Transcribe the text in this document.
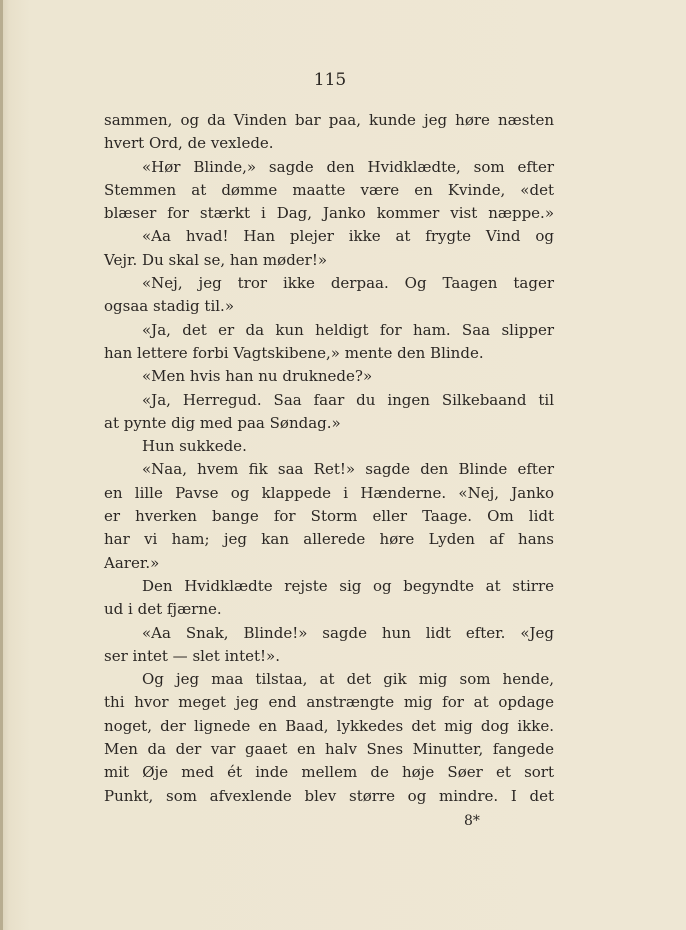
115
sammen, og da Vinden bar paa, kunde jeg høre næsten
hvert Ord, de vexlede.
«Hør Blinde,» sagde den Hvidklædte, som efter
Stemmen at dømme maatte være en Kvinde, «det
blæser for stærkt i Dag, Janko kommer vist næppe.»
«Aa hvad! Han plejer ikke at frygte Vind og
Vejr. Du skal se, han møder!»
«Nej, jeg tror ikke derpaa. Og Taagen tager
ogsaa stadig til.»
«Ja, det er da kun heldigt for ham. Saa slipper
han lettere forbi Vagtskibene,» mente den Blinde.
«Men hvis han nu druknede?»
«Ja, Herregud. Saa faar du ingen Silkebaand til
at pynte dig med paa Søndag.»
Hun sukkede.
«Naa, hvem fik saa Ret!» sagde den Blinde efter
en lille Pavse og klappede i Hænderne. «Nej, Janko
er hverken bange for Storm eller Taage. Om lidt
har vi ham; jeg kan allerede høre Lyden af hans
Aarer.»
Den Hvidklædte rejste sig og begyndte at stirre
ud i det fjærne.
«Aa Snak, Blinde!» sagde hun lidt efter. «Jeg
ser intet — slet intet!».
Og jeg maa tilstaa, at det gik mig som hende,
thi hvor meget jeg end anstrængte mig for at opdage
noget, der lignede en Baad, lykkedes det mig dog ikke.
Men da der var gaaet en halv Snes Minutter, fangede
mit Øje med ét inde mellem de høje Søer et sort
Punkt, som afvexlende blev større og mindre. I det
8*
